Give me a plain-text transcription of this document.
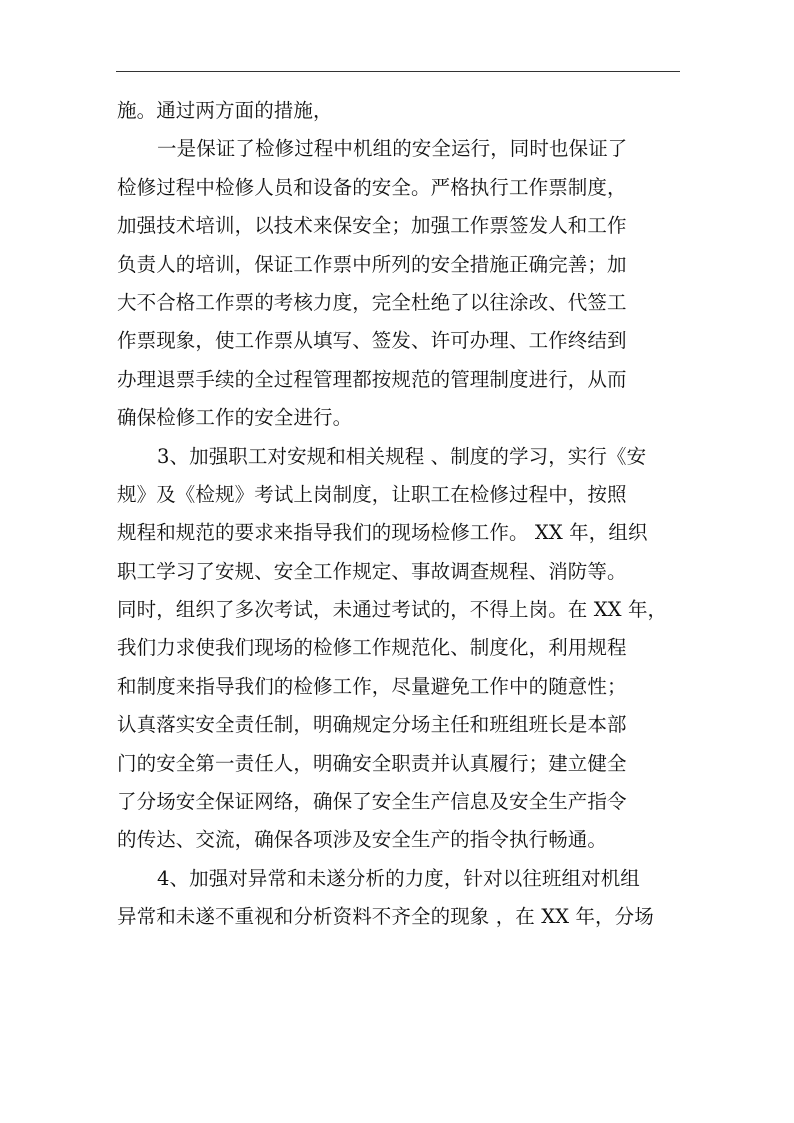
施。通过两方面的措施，
一是保证了检修过程中机组的安全运行，同时也保证了
检修过程中检修人员和设备的安全。严格执行工作票制度，
加强技术培训，以技术来保安全；加强工作票签发人和工作
负责人的培训，保证工作票中所列的安全措施正确完善；加
大不合格工作票的考核力度，完全杜绝了以往涂改、代签工
作票现象，使工作票从填写、签发、许可办理、工作终结到
办理退票手续的全过程管理都按规范的管理制度进行，从而
确保检修工作的安全进行。
3、加强职工对安规和相关规程 、制度的学习，实行《安
规》及《检规》考试上岗制度，让职工在检修过程中，按照
规程和规范的要求来指导我们的现场检修工作。 XX 年，组织
职工学习了安规、安全工作规定、事故调查规程、消防等。
同时，组织了多次考试，未通过考试的，不得上岗。在 XX 年，
我们力求使我们现场的检修工作规范化、制度化，利用规程
和制度来指导我们的检修工作，尽量避免工作中的随意性；
认真落实安全责任制，明确规定分场主任和班组班长是本部
门的安全第一责任人，明确安全职责并认真履行；建立健全
了分场安全保证网络，确保了安全生产信息及安全生产指令
的传达、交流，确保各项涉及安全生产的指令执行畅通。
4、加强对异常和未遂分析的力度，针对以往班组对机组
异常和未遂不重视和分析资料不齐全的现象 ，在 XX 年，分场
